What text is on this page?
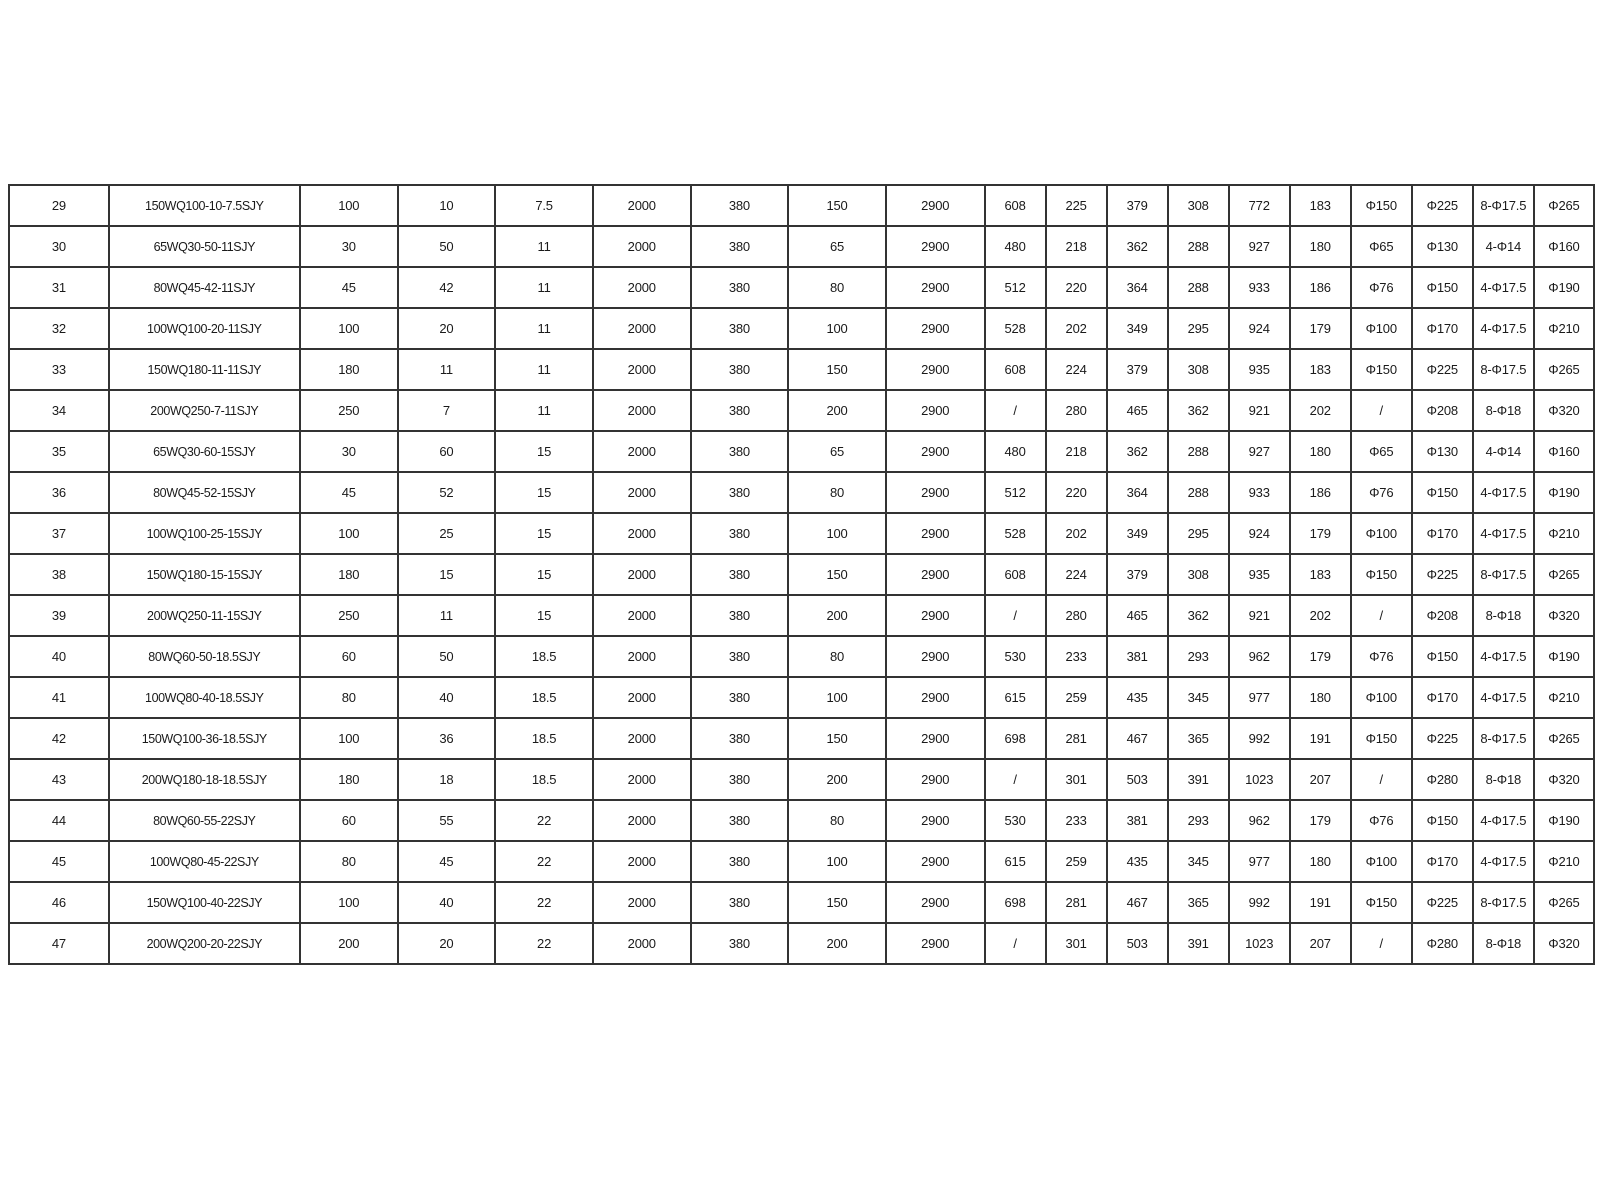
29	150WQ100-10-7.5SJY	100	10	7.5	2000	380	150	2900	608	225	379	308	772	183	Φ150	Φ225	8-Φ17.5	Φ265
30	65WQ30-50-11SJY	30	50	11	2000	380	65	2900	480	218	362	288	927	180	Φ65	Φ130	4-Φ14	Φ160
31	80WQ45-42-11SJY	45	42	11	2000	380	80	2900	512	220	364	288	933	186	Φ76	Φ150	4-Φ17.5	Φ190
32	100WQ100-20-11SJY	100	20	11	2000	380	100	2900	528	202	349	295	924	179	Φ100	Φ170	4-Φ17.5	Φ210
33	150WQ180-11-11SJY	180	11	11	2000	380	150	2900	608	224	379	308	935	183	Φ150	Φ225	8-Φ17.5	Φ265
34	200WQ250-7-11SJY	250	7	11	2000	380	200	2900	/	280	465	362	921	202	/	Φ208	8-Φ18	Φ320
35	65WQ30-60-15SJY	30	60	15	2000	380	65	2900	480	218	362	288	927	180	Φ65	Φ130	4-Φ14	Φ160
36	80WQ45-52-15SJY	45	52	15	2000	380	80	2900	512	220	364	288	933	186	Φ76	Φ150	4-Φ17.5	Φ190
37	100WQ100-25-15SJY	100	25	15	2000	380	100	2900	528	202	349	295	924	179	Φ100	Φ170	4-Φ17.5	Φ210
38	150WQ180-15-15SJY	180	15	15	2000	380	150	2900	608	224	379	308	935	183	Φ150	Φ225	8-Φ17.5	Φ265
39	200WQ250-11-15SJY	250	11	15	2000	380	200	2900	/	280	465	362	921	202	/	Φ208	8-Φ18	Φ320
40	80WQ60-50-18.5SJY	60	50	18.5	2000	380	80	2900	530	233	381	293	962	179	Φ76	Φ150	4-Φ17.5	Φ190
41	100WQ80-40-18.5SJY	80	40	18.5	2000	380	100	2900	615	259	435	345	977	180	Φ100	Φ170	4-Φ17.5	Φ210
42	150WQ100-36-18.5SJY	100	36	18.5	2000	380	150	2900	698	281	467	365	992	191	Φ150	Φ225	8-Φ17.5	Φ265
43	200WQ180-18-18.5SJY	180	18	18.5	2000	380	200	2900	/	301	503	391	1023	207	/	Φ280	8-Φ18	Φ320
44	80WQ60-55-22SJY	60	55	22	2000	380	80	2900	530	233	381	293	962	179	Φ76	Φ150	4-Φ17.5	Φ190
45	100WQ80-45-22SJY	80	45	22	2000	380	100	2900	615	259	435	345	977	180	Φ100	Φ170	4-Φ17.5	Φ210
46	150WQ100-40-22SJY	100	40	22	2000	380	150	2900	698	281	467	365	992	191	Φ150	Φ225	8-Φ17.5	Φ265
47	200WQ200-20-22SJY	200	20	22	2000	380	200	2900	/	301	503	391	1023	207	/	Φ280	8-Φ18	Φ320
